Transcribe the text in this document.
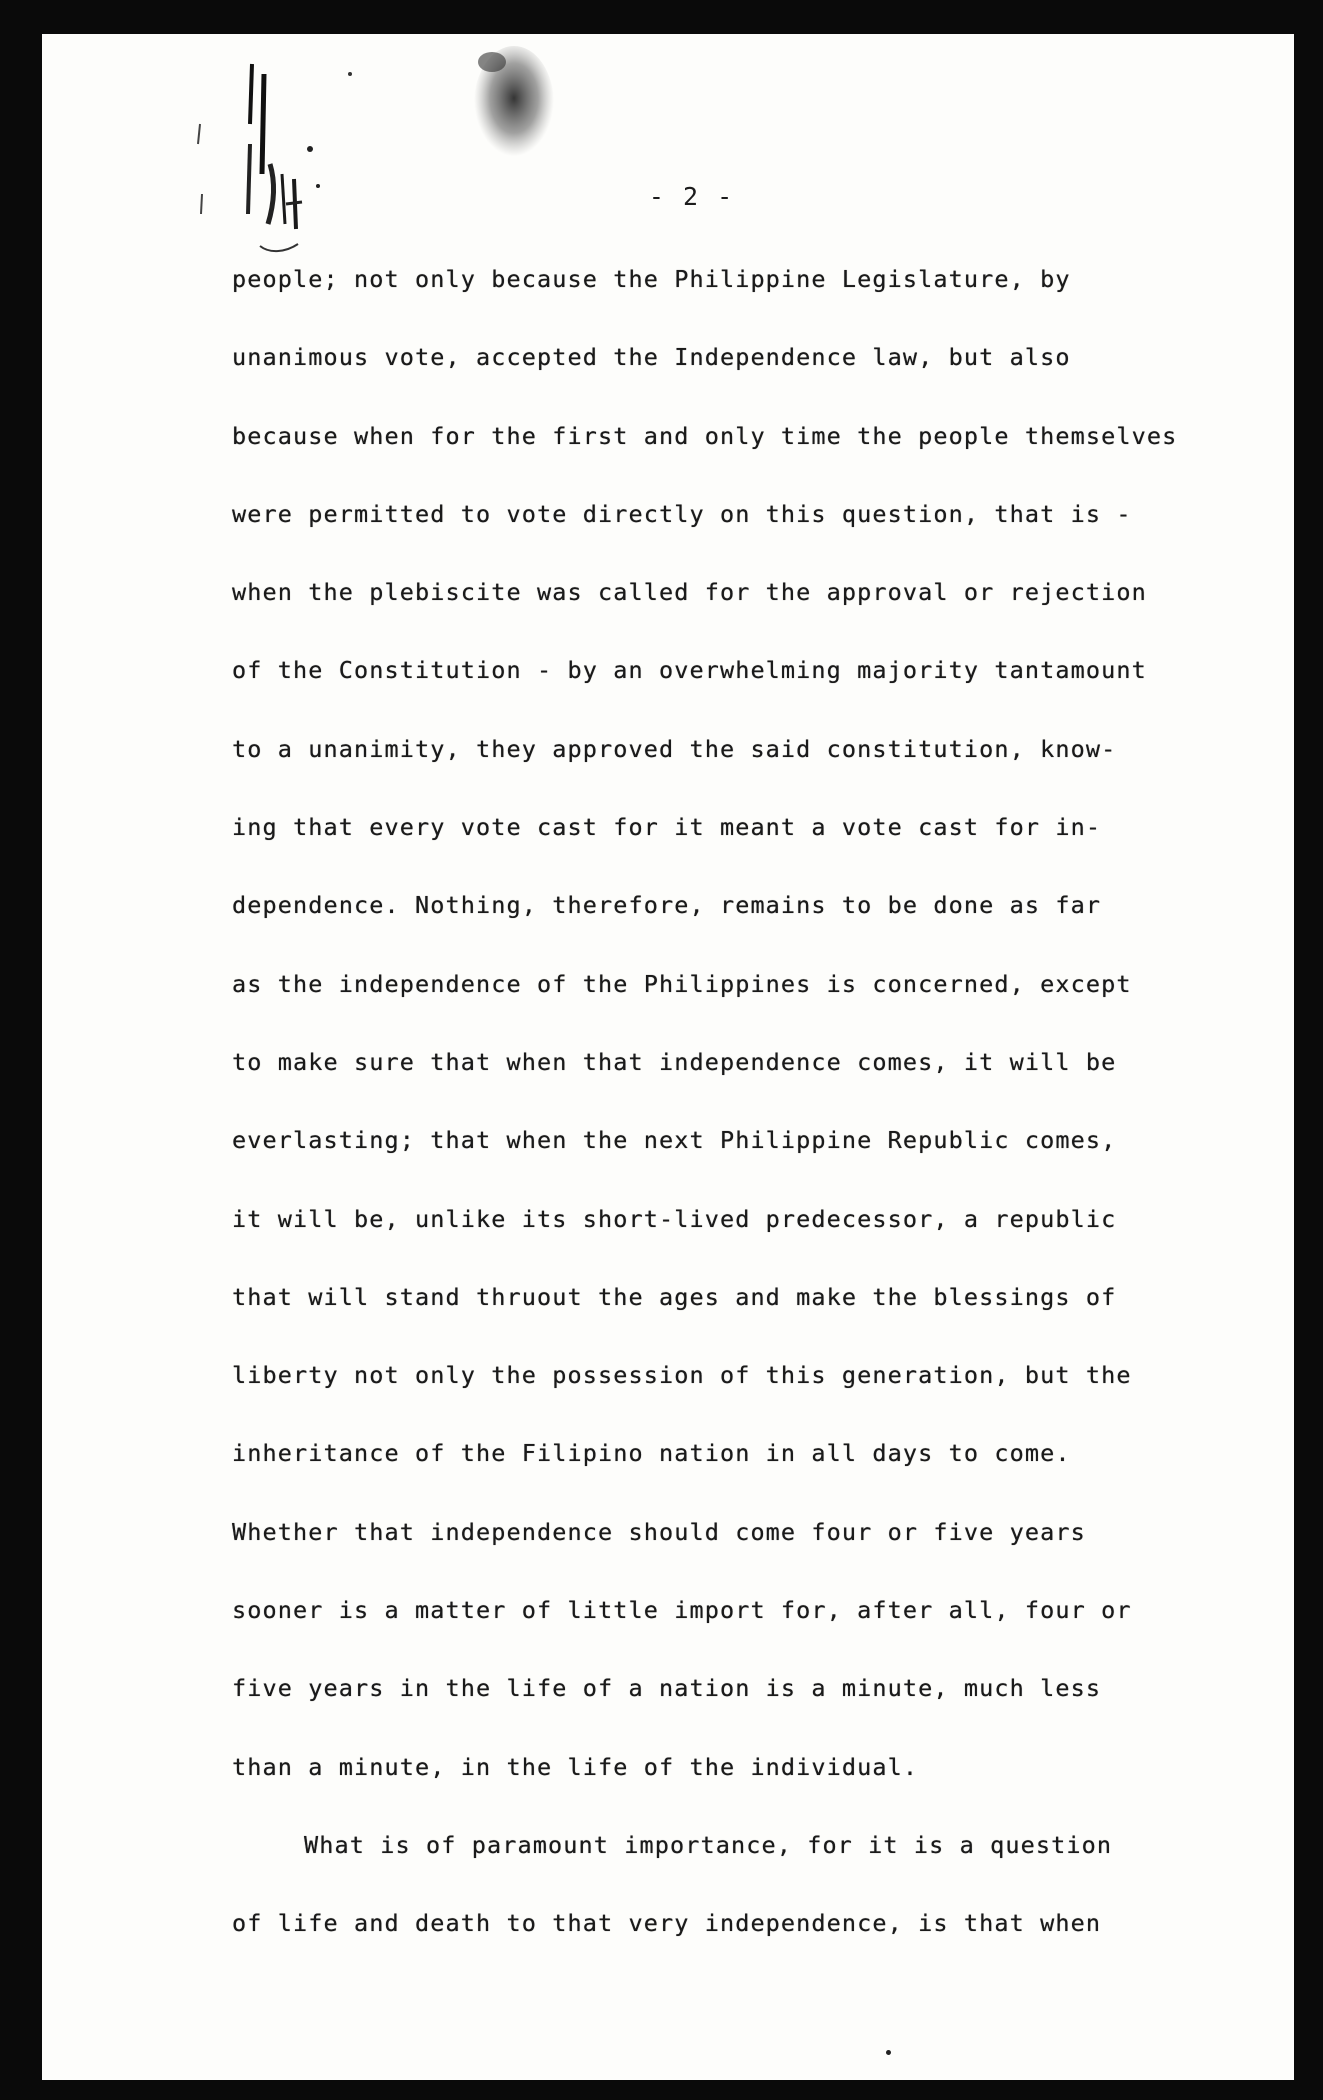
- 2 -
people; not only because the Philippine Legislature, by
unanimous vote, accepted the Independence law, but also
because when for the first and only time the people themselves
were permitted to vote directly on this question, that is -
when the plebiscite was called for the approval or rejection
of the Constitution - by an overwhelming majority tantamount
to a unanimity, they approved the said constitution, know-
ing that every vote cast for it meant a vote cast for in-
dependence. Nothing, therefore, remains to be done as far
as the independence of the Philippines is concerned, except
to make sure that when that independence comes, it will be
everlasting; that when the next Philippine Republic comes,
it will be, unlike its short-lived predecessor, a republic
that will stand thruout the ages and make the blessings of
liberty not only the possession of this generation, but the
inheritance of the Filipino nation in all days to come.
Whether that independence should come four or five years
sooner is a matter of little import for, after all, four or
five years in the life of a nation is a minute, much less
than a minute, in the life of the individual.
What is of paramount importance, for it is a question
of life and death to that very independence, is that when
